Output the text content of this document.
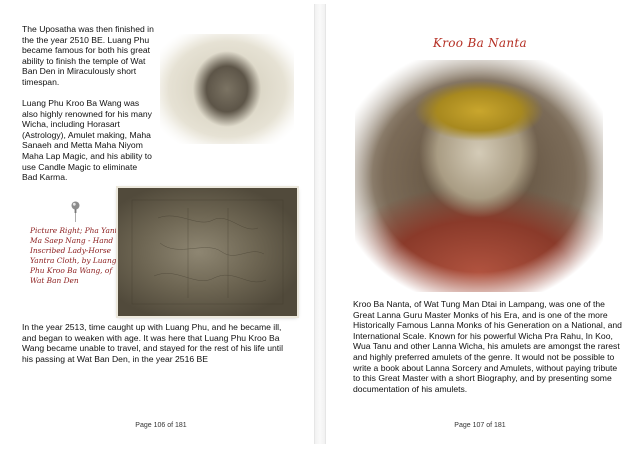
The Uposatha was then finished in the the year 2510 BE. Luang Phu became famous for both his great ability to finish the temple of Wat Ban Den in Miraculously short timespan.
Luang Phu Kroo Ba Wang was also highly renowned for his many Wicha, including Horasart (Astrology), Amulet making, Maha Sanaeh and Metta Maha Niyom Maha Lap Magic, and his ability to use Candle Magic to eliminate Bad Karma.
Picture Right; Pha Yant Ma Saep Nang - Hand Inscribed Lady-Horse Yantra Cloth, by Luang Phu Kroo Ba Wang, of Wat Ban Den
In the year 2513, time caught up with Luang Phu, and he became ill, and began to weaken with age. It was here that Luang Phu Kroo Ba Wang became unable to travel, and stayed for the rest of his life until his passing at Wat Ban Den, in the year 2516 BE
Page 106 of 181
Kroo Ba Nanta
Kroo Ba Nanta, of Wat Tung Man Dtai in Lampang, was one of the Great Lanna Guru Master Monks of his Era, and is one of the more Historically Famous Lanna Monks of his Generation on a National, and International Scale. Known for his powerful Wicha Pra Rahu, In Koo, Wua Tanu and other Lanna Wicha, his amulets are amongst the rarest and highly preferred amulets of the genre. It would not be possible to write a book about Lanna Sorcery and Amulets, without paying tribute to this Great Master with a short Biography, and by presenting some documentation of his amulets.
Page 107 of 181
